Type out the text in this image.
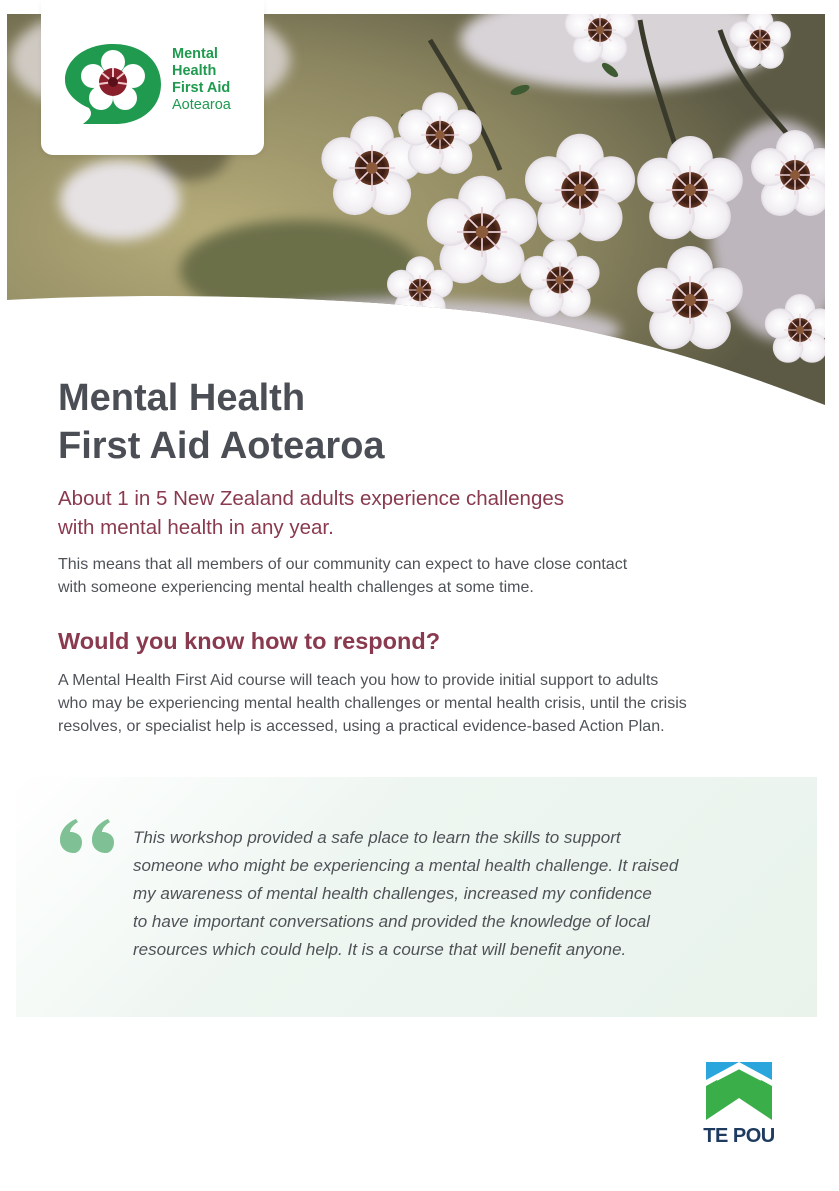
Mental
Health
First Aid
Aotearoa
Mental Health
First Aid Aotearoa

About 1 in 5 New Zealand adults experience challenges
with mental health in any year.

This means that all members of our community can expect to have close contact
with someone experiencing mental health challenges at some time.

Would you know how to respond?

A Mental Health First Aid course will teach you how to provide initial support to adults
who may be experiencing mental health challenges or mental health crisis, until the crisis
resolves, or specialist help is accessed, using a practical evidence-based Action Plan.

This workshop provided a safe place to learn the skills to support
someone who might be experiencing a mental health challenge. It raised
my awareness of mental health challenges, increased my confidence
to have important conversations and provided the knowledge of local
resources which could help. It is a course that will benefit anyone.

TE POU
